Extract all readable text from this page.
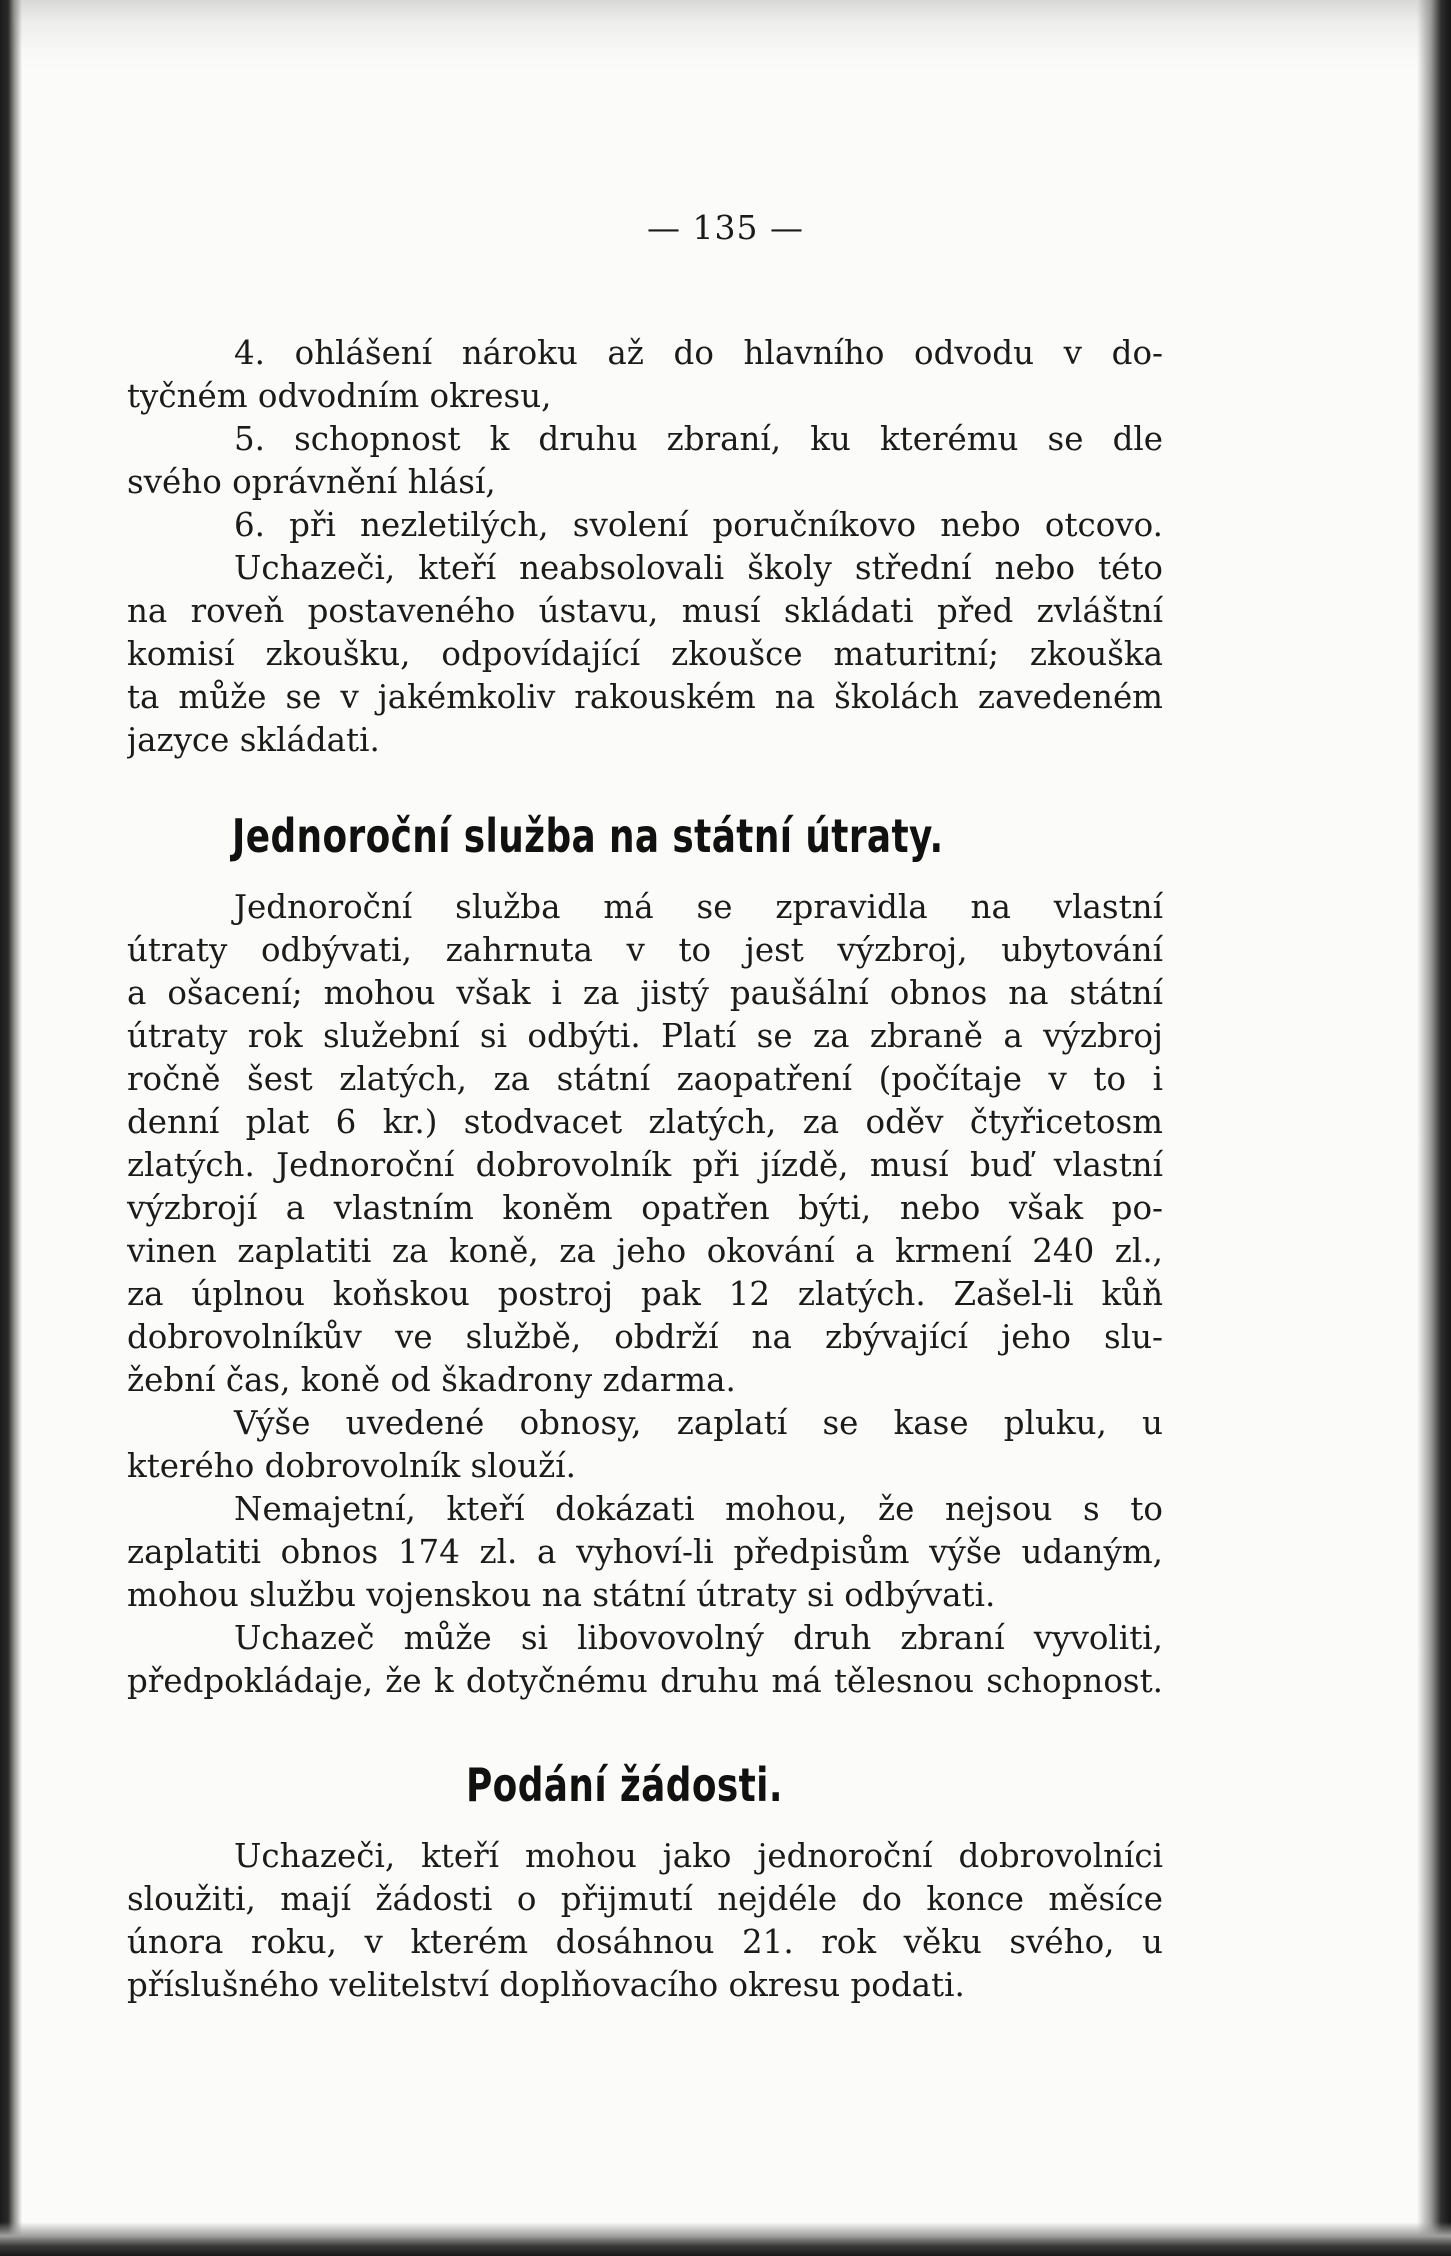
— 135 —
4. ohlášení nároku až do hlavního odvodu v do-
tyčném odvodním okresu,
5. schopnost k druhu zbraní, ku kterému se dle
svého oprávnění hlásí,
6. při nezletilých, svolení poručníkovo nebo otcovo.
Uchazeči, kteří neabsolovali školy střední nebo této
na roveň postaveného ústavu, musí skládati před zvláštní
komisí zkoušku, odpovídající zkoušce maturitní; zkouška
ta může se v jakémkoliv rakouském na školách zavedeném
jazyce skládati.
Jednoroční služba na státní útraty.
Jednoroční služba má se zpravidla na vlastní
útraty odbývati, zahrnuta v to jest výzbroj, ubytování
a ošacení; mohou však i za jistý paušální obnos na státní
útraty rok služební si odbýti. Platí se za zbraně a výzbroj
ročně šest zlatých, za státní zaopatření (počítaje v to i
denní plat 6 kr.) stodvacet zlatých, za oděv čtyřicetosm
zlatých. Jednoroční dobrovolník při jízdě, musí buď vlastní
výzbrojí a vlastním koněm opatřen býti, nebo však po-
vinen zaplatiti za koně, za jeho okování a krmení 240 zl.,
za úplnou koňskou postroj pak 12 zlatých. Zašel-li kůň
dobrovolníkův ve službě, obdrží na zbývající jeho slu-
žební čas, koně od škadrony zdarma.
Výše uvedené obnosy, zaplatí se kase pluku, u
kterého dobrovolník slouží.
Nemajetní, kteří dokázati mohou, že nejsou s to
zaplatiti obnos 174 zl. a vyhoví-li předpisům výše udaným,
mohou službu vojenskou na státní útraty si odbývati.
Uchazeč může si libovovolný druh zbraní vyvoliti,
předpokládaje, že k dotyčnému druhu má tělesnou schopnost.
Podání žádosti.
Uchazeči, kteří mohou jako jednoroční dobrovolníci
sloužiti, mají žádosti o přijmutí nejdéle do konce měsíce
února roku, v kterém dosáhnou 21. rok věku svého, u
příslušného velitelství doplňovacího okresu podati.
